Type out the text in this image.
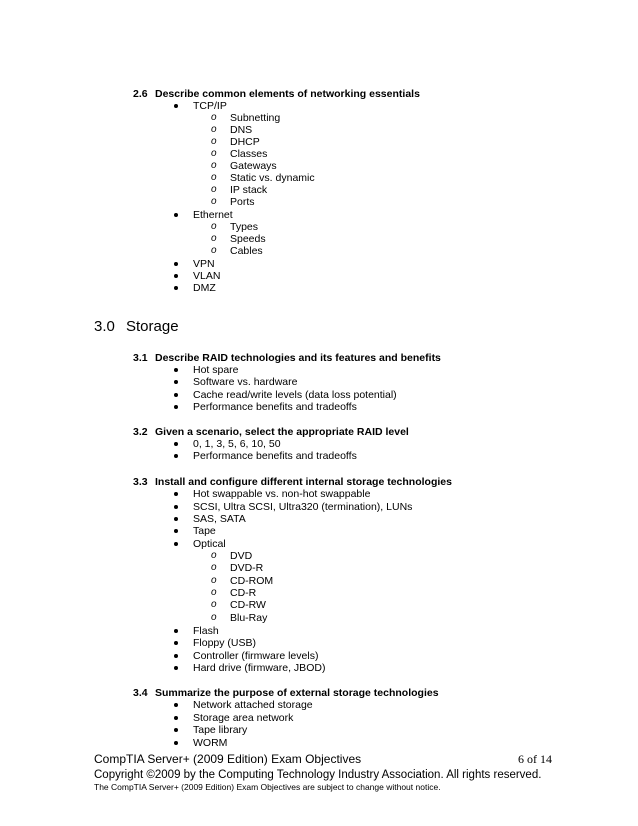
2.6 Describe common elements of networking essentials
TCP/IP
o Subnetting
o DNS
o DHCP
o Classes
o Gateways
o Static vs. dynamic
o IP stack
o Ports
Ethernet
o Types
o Speeds
o Cables
VPN
VLAN
DMZ
3.0 Storage
3.1 Describe RAID technologies and its features and benefits
Hot spare
Software vs. hardware
Cache read/write levels (data loss potential)
Performance benefits and tradeoffs
3.2 Given a scenario, select the appropriate RAID level
0, 1, 3, 5, 6, 10, 50
Performance benefits and tradeoffs
3.3 Install and configure different internal storage technologies
Hot swappable vs. non-hot swappable
SCSI, Ultra SCSI, Ultra320 (termination), LUNs
SAS, SATA
Tape
Optical
o DVD
o DVD-R
o CD-ROM
o CD-R
o CD-RW
o Blu-Ray
Flash
Floppy (USB)
Controller (firmware levels)
Hard drive (firmware, JBOD)
3.4 Summarize the purpose of external storage technologies
Network attached storage
Storage area network
Tape library
WORM
CompTIA Server+ (2009 Edition) Exam Objectives	6 of 14
Copyright ©2009 by the Computing Technology Industry Association. All rights reserved.
The CompTIA Server+ (2009 Edition) Exam Objectives are subject to change without notice.
